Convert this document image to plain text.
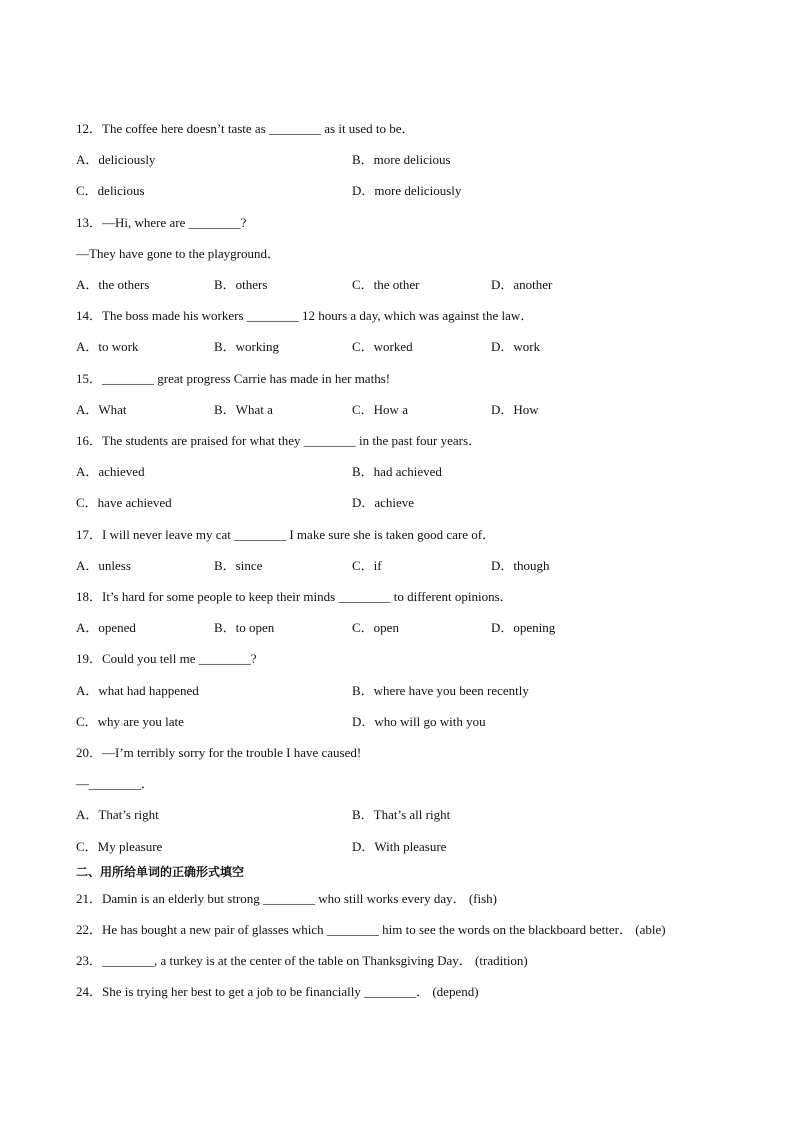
12．The coffee here doesn’t taste as ________ as it used to be．
A．deliciously	B．more delicious
C．delicious	D．more deliciously
13．—Hi, where are ________?
—They have gone to the playground．
A．the others	B．others	C．the other	D．another
14．The boss made his workers ________ 12 hours a day, which was against the law．
A．to work	B．working	C．worked	D．work
15．________ great progress Carrie has made in her maths!
A．What	B．What a	C．How a	D．How
16．The students are praised for what they ________ in the past four years．
A．achieved	B．had achieved
C．have achieved	D．achieve
17．I will never leave my cat ________ I make sure she is taken good care of．
A．unless	B．since	C．if	D．though
18．It’s hard for some people to keep their minds ________ to different opinions．
A．opened	B．to open	C．open	D．opening
19．Could you tell me ________?
A．what had happened	B．where have you been recently
C．why are you late	D．who will go with you
20．—I’m terribly sorry for the trouble I have caused!
—________．
A．That’s right	B．That’s all right
C．My pleasure	D．With pleasure
二、用所给单词的正确形式填空
21．Damin is an elderly but strong ________ who still works every day． (fish)
22．He has bought a new pair of glasses which ________ him to see the words on the blackboard better． (able)
23．________, a turkey is at the center of the table on Thanksgiving Day． (tradition)
24．She is trying her best to get a job to be financially ________． (depend)
